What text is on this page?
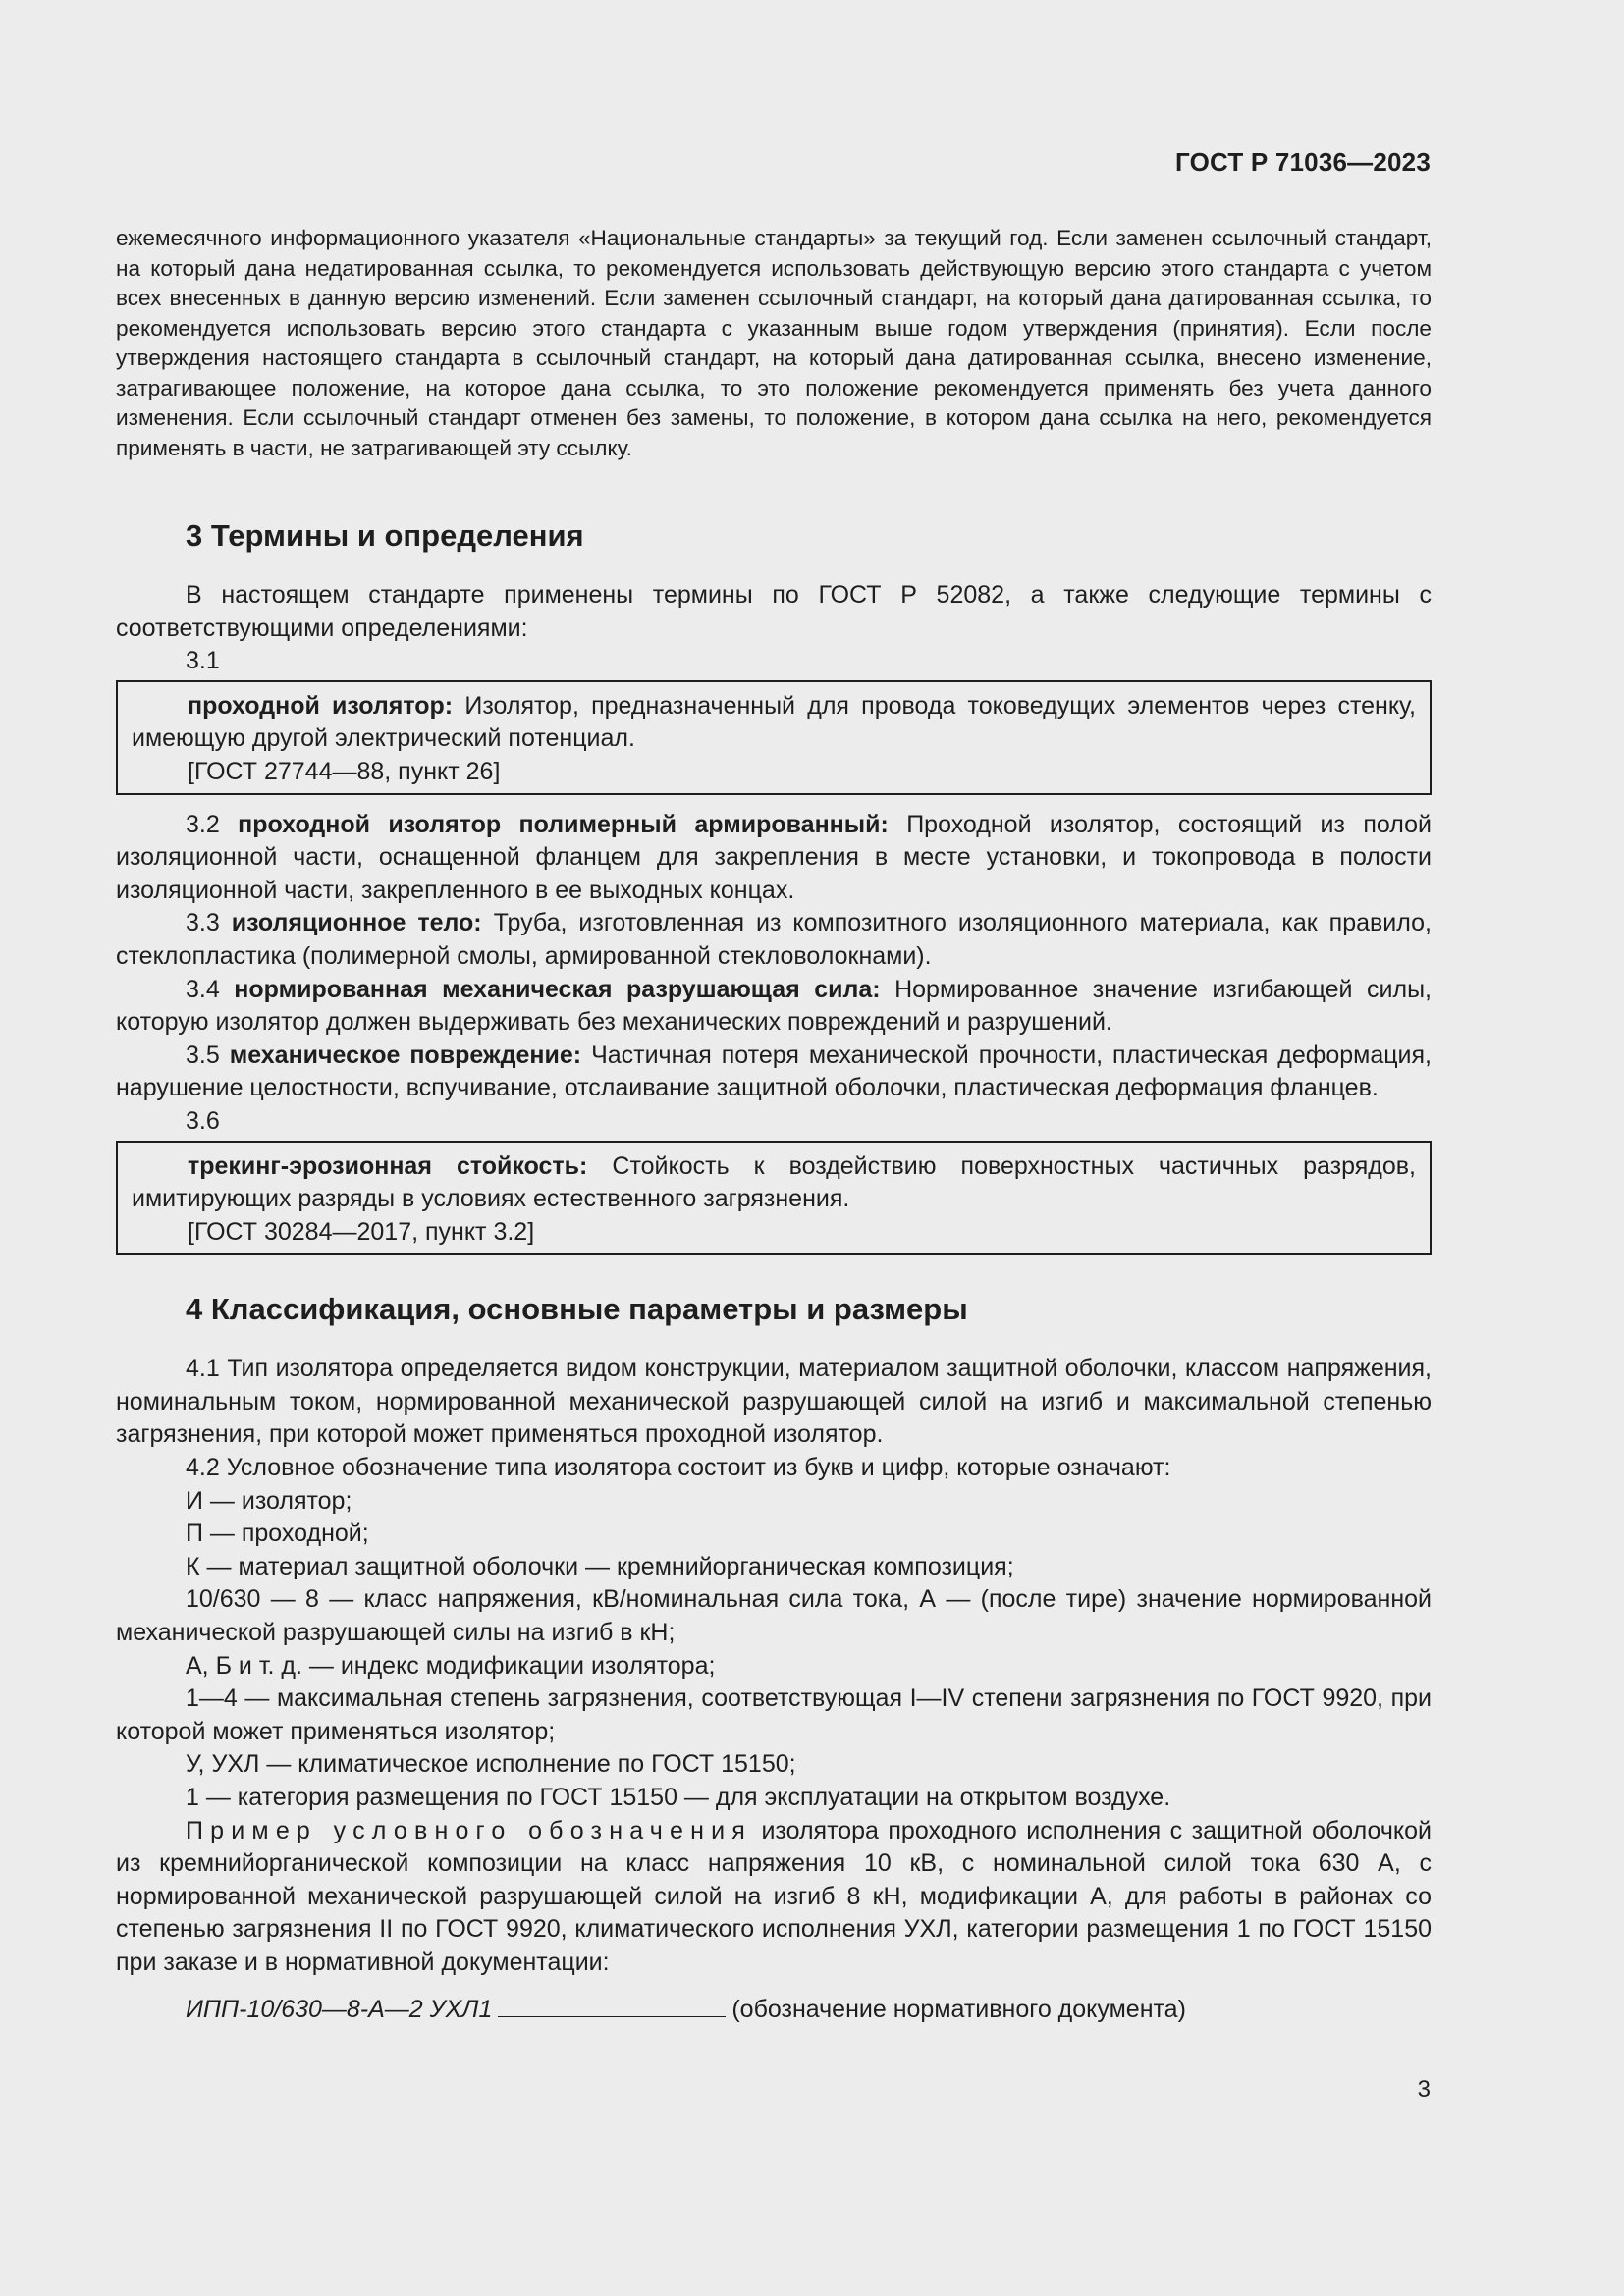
ГОСТ Р 71036—2023

ежемесячного информационного указателя «Национальные стандарты» за текущий год. Если заменен ссылочный стандарт, на который дана недатированная ссылка, то рекомендуется использовать действующую версию этого стандарта с учетом всех внесенных в данную версию изменений. Если заменен ссылочный стандарт, на который дана датированная ссылка, то рекомендуется использовать версию этого стандарта с указанным выше годом утверждения (принятия). Если после утверждения настоящего стандарта в ссылочный стандарт, на который дана датированная ссылка, внесено изменение, затрагивающее положение, на которое дана ссылка, то это положение рекомендуется применять без учета данного изменения. Если ссылочный стандарт отменен без замены, то положение, в котором дана ссылка на него, рекомендуется применять в части, не затрагивающей эту ссылку.

3 Термины и определения

В настоящем стандарте применены термины по ГОСТ Р 52082, а также следующие термины с соответствующими определениями:

3.1

проходной изолятор: Изолятор, предназначенный для провода токоведущих элементов через стенку, имеющую другой электрический потенциал.

[ГОСТ 27744—88, пункт 26]

3.2 проходной изолятор полимерный армированный: Проходной изолятор, состоящий из полой изоляционной части, оснащенной фланцем для закрепления в месте установки, и токопровода в полости изоляционной части, закрепленного в ее выходных концах.

3.3 изоляционное тело: Труба, изготовленная из композитного изоляционного материала, как правило, стеклопластика (полимерной смолы, армированной стекловолокнами).

3.4 нормированная механическая разрушающая сила: Нормированное значение изгибающей силы, которую изолятор должен выдерживать без механических повреждений и разрушений.

3.5 механическое повреждение: Частичная потеря механической прочности, пластическая деформация, нарушение целостности, вспучивание, отслаивание защитной оболочки, пластическая деформация фланцев.

3.6

трекинг-эрозионная стойкость: Стойкость к воздействию поверхностных частичных разрядов, имитирующих разряды в условиях естественного загрязнения.

[ГОСТ 30284—2017, пункт 3.2]

4 Классификация, основные параметры и размеры

4.1 Тип изолятора определяется видом конструкции, материалом защитной оболочки, классом напряжения, номинальным током, нормированной механической разрушающей силой на изгиб и максимальной степенью загрязнения, при которой может применяться проходной изолятор.

4.2 Условное обозначение типа изолятора состоит из букв и цифр, которые означают:

И — изолятор;

П — проходной;

К — материал защитной оболочки — кремнийорганическая композиция;

10/630 — 8 — класс напряжения, кВ/номинальная сила тока, А — (после тире) значение нормированной механической разрушающей силы на изгиб в кН;

А, Б и т. д. — индекс модификации изолятора;

1—4 — максимальная степень загрязнения, соответствующая I—IV степени загрязнения по ГОСТ 9920, при которой может применяться изолятор;

У, УХЛ — климатическое исполнение по ГОСТ 15150;

1 — категория размещения по ГОСТ 15150 — для эксплуатации на открытом воздухе.

Пример условного обозначения изолятора проходного исполнения с защитной оболочкой из кремнийорганической композиции на класс напряжения 10 кВ, с номинальной силой тока 630 А, с нормированной механической разрушающей силой на изгиб 8 кН, модификации А, для работы в районах со степенью загрязнения II по ГОСТ 9920, климатического исполнения УХЛ, категории размещения 1 по ГОСТ 15150 при заказе и в нормативной документации:

ИПП-10/630—8-А—2 УХЛ1	(обозначение нормативного документа)
3
